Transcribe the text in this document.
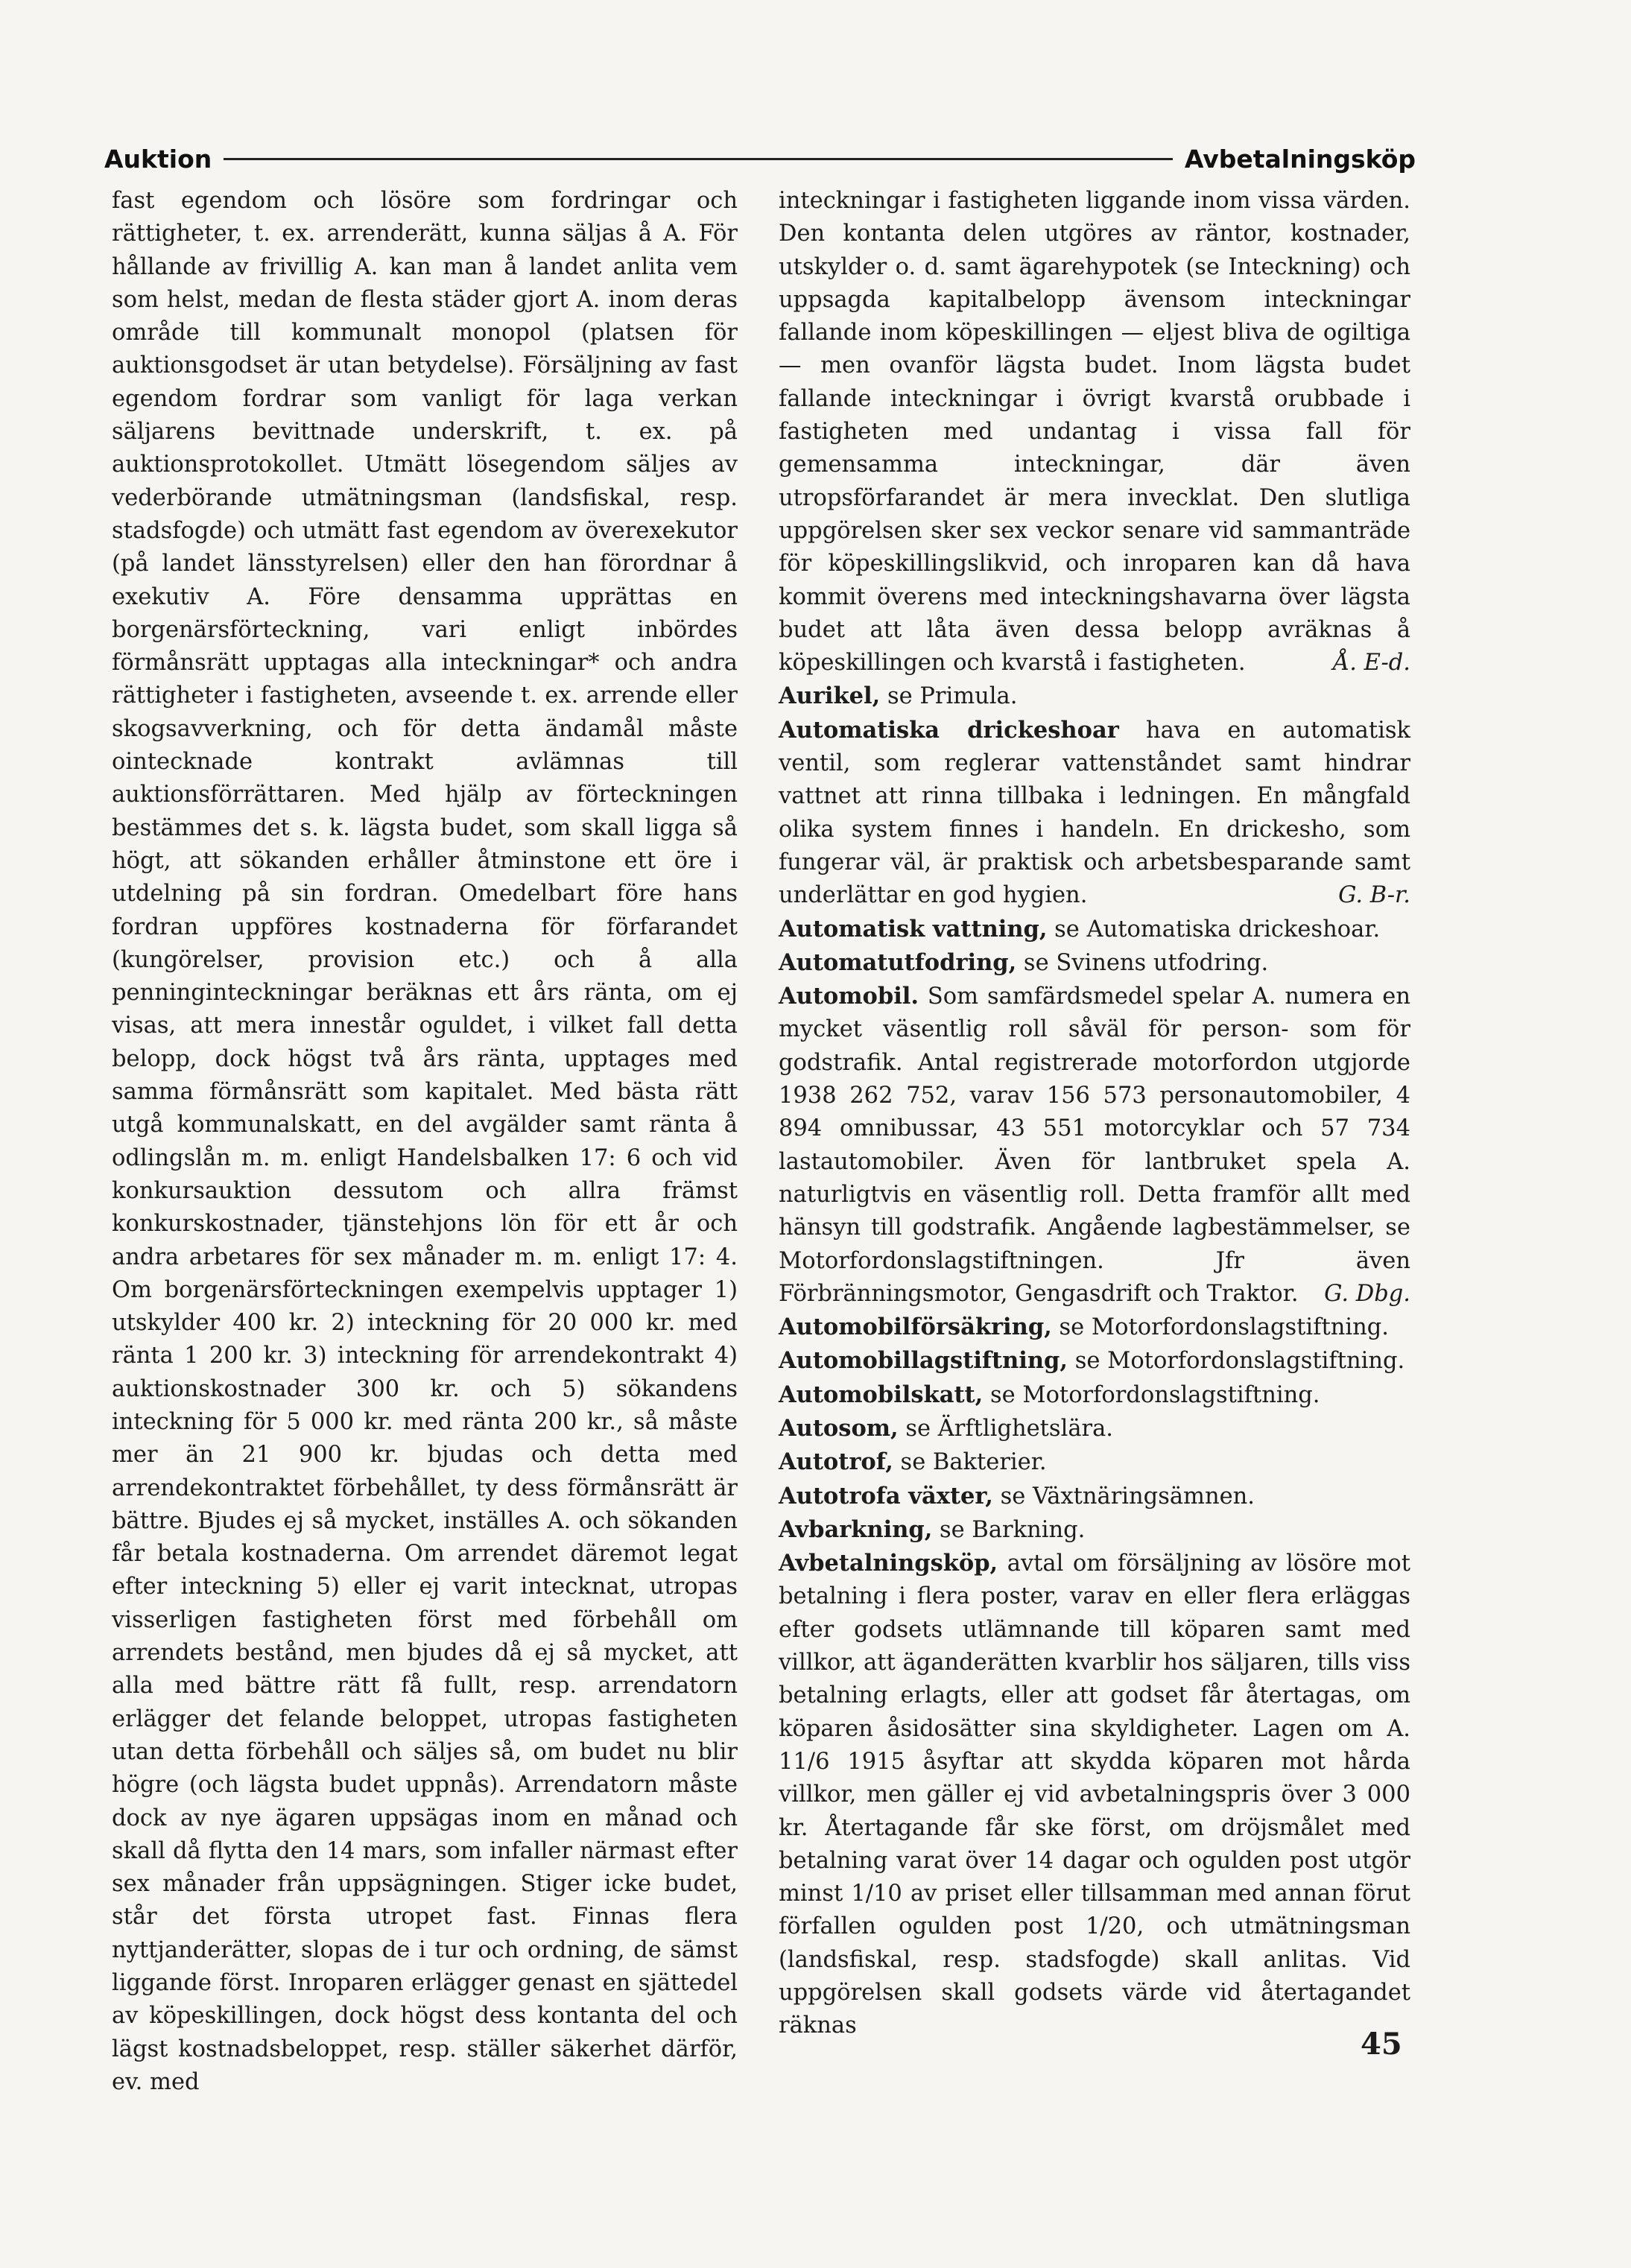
Auktion	Avbetalningsköp

fast egendom och lösöre som fordringar och rättigheter, t. ex. arrenderätt, kunna säljas å A. För hållande av frivillig A. kan man å landet anlita vem som helst, medan de flesta städer gjort A. inom deras område till kommunalt monopol (platsen för auktionsgodset är utan betydelse). Försäljning av fast egendom fordrar som vanligt för laga verkan säljarens bevittnade underskrift, t. ex. på auktionsprotokollet. Utmätt lösegendom säljes av vederbörande utmätningsman (landsfiskal, resp. stadsfogde) och utmätt fast egendom av överexekutor (på landet länsstyrelsen) eller den han förordnar å exekutiv A. Före densamma upprättas en borgenärsförteckning, vari enligt inbördes förmånsrätt upptagas alla inteckningar* och andra rättigheter i fastigheten, avseende t. ex. arrende eller skogsavverkning, och för detta ändamål måste ointecknade kontrakt avlämnas till auktionsförrättaren. Med hjälp av förteckningen bestämmes det s. k. lägsta budet, som skall ligga så högt, att sökanden erhåller åtminstone ett öre i utdelning på sin fordran. Omedelbart före hans fordran uppföres kostnaderna för förfarandet (kungörelser, provision etc.) och å alla penninginteckningar beräknas ett års ränta, om ej visas, att mera innestår oguldet, i vilket fall detta belopp, dock högst två års ränta, upptages med samma förmånsrätt som kapitalet. Med bästa rätt utgå kommunalskatt, en del avgälder samt ränta å odlingslån m. m. enligt Handelsbalken 17: 6 och vid konkursauktion dessutom och allra främst konkurskostnader, tjänstehjons lön för ett år och andra arbetares för sex månader m. m. enligt 17: 4. Om borgenärsförteckningen exempelvis upptager 1) utskylder 400 kr. 2) inteckning för 20 000 kr. med ränta 1 200 kr. 3) inteckning för arrendekontrakt 4) auktionskostnader 300 kr. och 5) sökandens inteckning för 5 000 kr. med ränta 200 kr., så måste mer än 21 900 kr. bjudas och detta med arrendekontraktet förbehållet, ty dess förmånsrätt är bättre. Bjudes ej så mycket, inställes A. och sökanden får betala kostnaderna. Om arrendet däremot legat efter inteckning 5) eller ej varit intecknat, utropas visserligen fastigheten först med förbehåll om arrendets bestånd, men bjudes då ej så mycket, att alla med bättre rätt få fullt, resp. arrendatorn erlägger det felande beloppet, utropas fastigheten utan detta förbehåll och säljes så, om budet nu blir högre (och lägsta budet uppnås). Arrendatorn måste dock av nye ägaren uppsägas inom en månad och skall då flytta den 14 mars, som infaller närmast efter sex månader från uppsägningen. Stiger icke budet, står det första utropet fast. Finnas flera nyttjanderätter, slopas de i tur och ordning, de sämst liggande först. Inroparen erlägger genast en sjättedel av köpeskillingen, dock högst dess kontanta del och lägst kostnadsbeloppet, resp. ställer säkerhet därför, ev. med

inteckningar i fastigheten liggande inom vissa värden. Den kontanta delen utgöres av räntor, kostnader, utskylder o. d. samt ägarehypotek (se Inteckning) och uppsagda kapitalbelopp ävensom inteckningar fallande inom köpeskillingen — eljest bliva de ogiltiga — men ovanför lägsta budet. Inom lägsta budet fallande inteckningar i övrigt kvarstå orubbade i fastigheten med undantag i vissa fall för gemensamma inteckningar, där även utropsförfarandet är mera invecklat. Den slutliga uppgörelsen sker sex veckor senare vid sammanträde för köpeskillingslikvid, och inroparen kan då hava kommit överens med inteckningshavarna över lägsta budet att låta även dessa belopp avräknas å köpeskillingen och kvarstå i fastigheten.	Å. E-d.

Aurikel, se Primula.

Automatiska drickeshoar hava en automatisk ventil, som reglerar vattenståndet samt hindrar vattnet att rinna tillbaka i ledningen. En mångfald olika system finnes i handeln. En drickesho, som fungerar väl, är praktisk och arbetsbesparande samt underlättar en god hygien.	G. B-r.

Automatisk vattning, se Automatiska drickeshoar.

Automatutfodring, se Svinens utfodring.

Automobil. Som samfärdsmedel spelar A. numera en mycket väsentlig roll såväl för person- som för godstrafik. Antal registrerade motorfordon utgjorde 1938 262 752, varav 156 573 personautomobiler, 4 894 omnibussar, 43 551 motorcyklar och 57 734 lastautomobiler. Även för lantbruket spela A. naturligtvis en väsentlig roll. Detta framför allt med hänsyn till godstrafik. Angående lagbestämmelser, se Motorfordonslagstiftningen. Jfr även Förbränningsmotor, Gengasdrift och Traktor.	G. Dbg.

Automobilförsäkring, se Motorfordonslagstiftning.

Automobillagstiftning, se Motorfordonslagstiftning.

Automobilskatt, se Motorfordonslagstiftning.

Autosom, se Ärftlighetslära.

Autotrof, se Bakterier.

Autotrofa växter, se Växtnäringsämnen.

Avbarkning, se Barkning.

Avbetalningsköp, avtal om försäljning av lösöre mot betalning i flera poster, varav en eller flera erläggas efter godsets utlämnande till köparen samt med villkor, att äganderätten kvarblir hos säljaren, tills viss betalning erlagts, eller att godset får återtagas, om köparen åsidosätter sina skyldigheter. Lagen om A. 11/6 1915 åsyftar att skydda köparen mot hårda villkor, men gäller ej vid avbetalningspris över 3 000 kr. Återtagande får ske först, om dröjsmålet med betalning varat över 14 dagar och ogulden post utgör minst 1/10 av priset eller tillsamman med annan förut förfallen ogulden post 1/20, och utmätningsman (landsfiskal, resp. stadsfogde) skall anlitas. Vid uppgörelsen skall godsets värde vid återtagandet räknas

45
